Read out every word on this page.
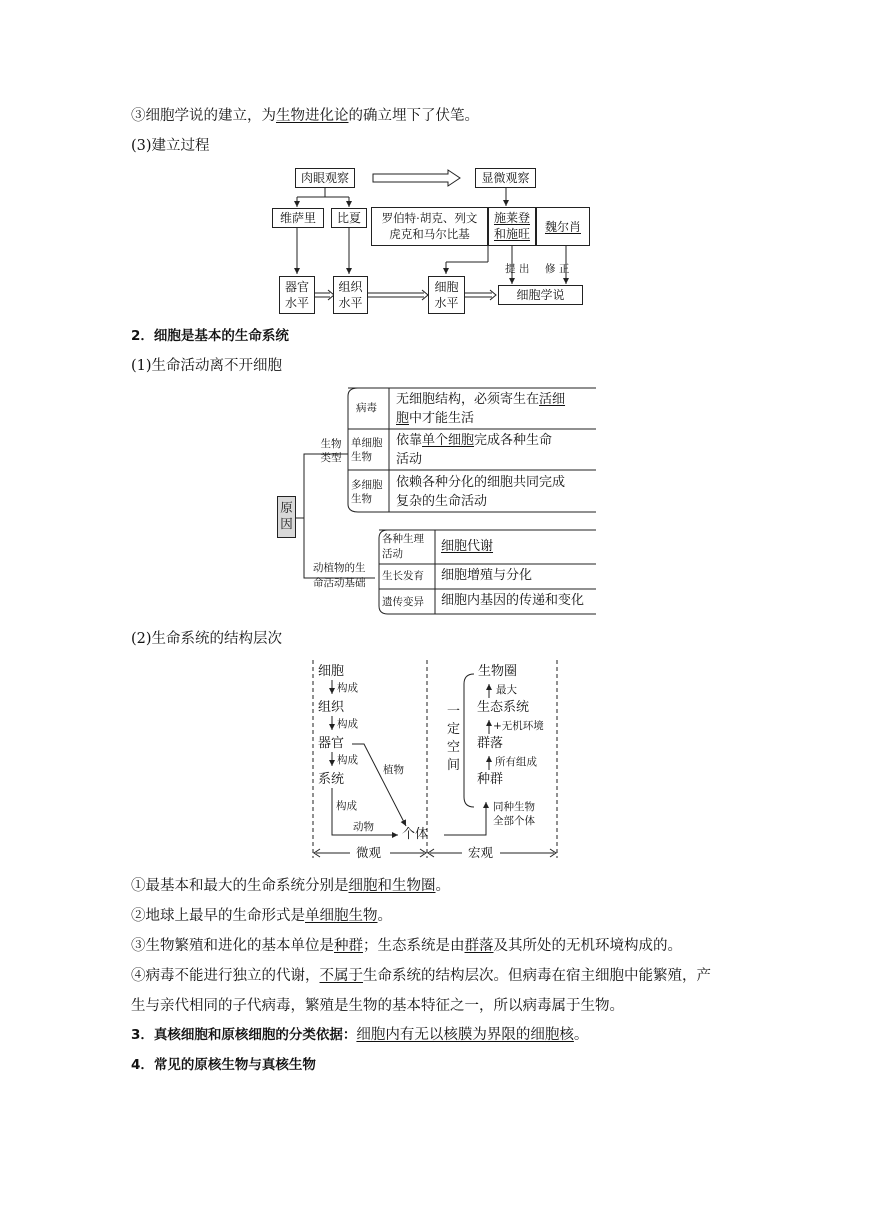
③细胞学说的建立，为生物进化论的确立埋下了伏笔。
(3)建立过程
肉眼观察	显微观察
维萨里 比夏	罗伯特·胡克、列文
虎克和马尔比基
施莱登
和施旺
魏尔肖
器官
水平
组织
水平
细胞
水平
细胞学说
提 出 修 正
2．细胞是基本的生命系统
(1)生命活动离不开细胞
原
因
生物
类型
动植物的生
命活动基础
病毒
无细胞结构，必须寄生在活细
胞中才能生活
单细胞
生物
依靠单个细胞完成各种生命
活动
多细胞
生物
依赖各种分化的细胞共同完成
复杂的生命活动
各种生理
活动	细胞代谢
生长发育 细胞增殖与分化
遗传变异 细胞内基因的传递和变化
(2)生命系统的结构层次
细胞
构成
组织
构成
器官
构成
系统
构成
动物
植物
个体
生物圈
最大
生态系统
+无机环境
群落
所有组成
种群
同种生物
全部个体
一
定
空
间
微观	宏观
①最基本和最大的生命系统分别是细胞和生物圈。
②地球上最早的生命形式是单细胞生物。
③生物繁殖和进化的基本单位是种群；生态系统是由群落及其所处的无机环境构成的。
④病毒不能进行独立的代谢，不属于生命系统的结构层次。但病毒在宿主细胞中能繁殖，产
生与亲代相同的子代病毒，繁殖是生物的基本特征之一，所以病毒属于生物。
3．真核细胞和原核细胞的分类依据：细胞内有无以核膜为界限的细胞核。
4．常见的原核生物与真核生物
